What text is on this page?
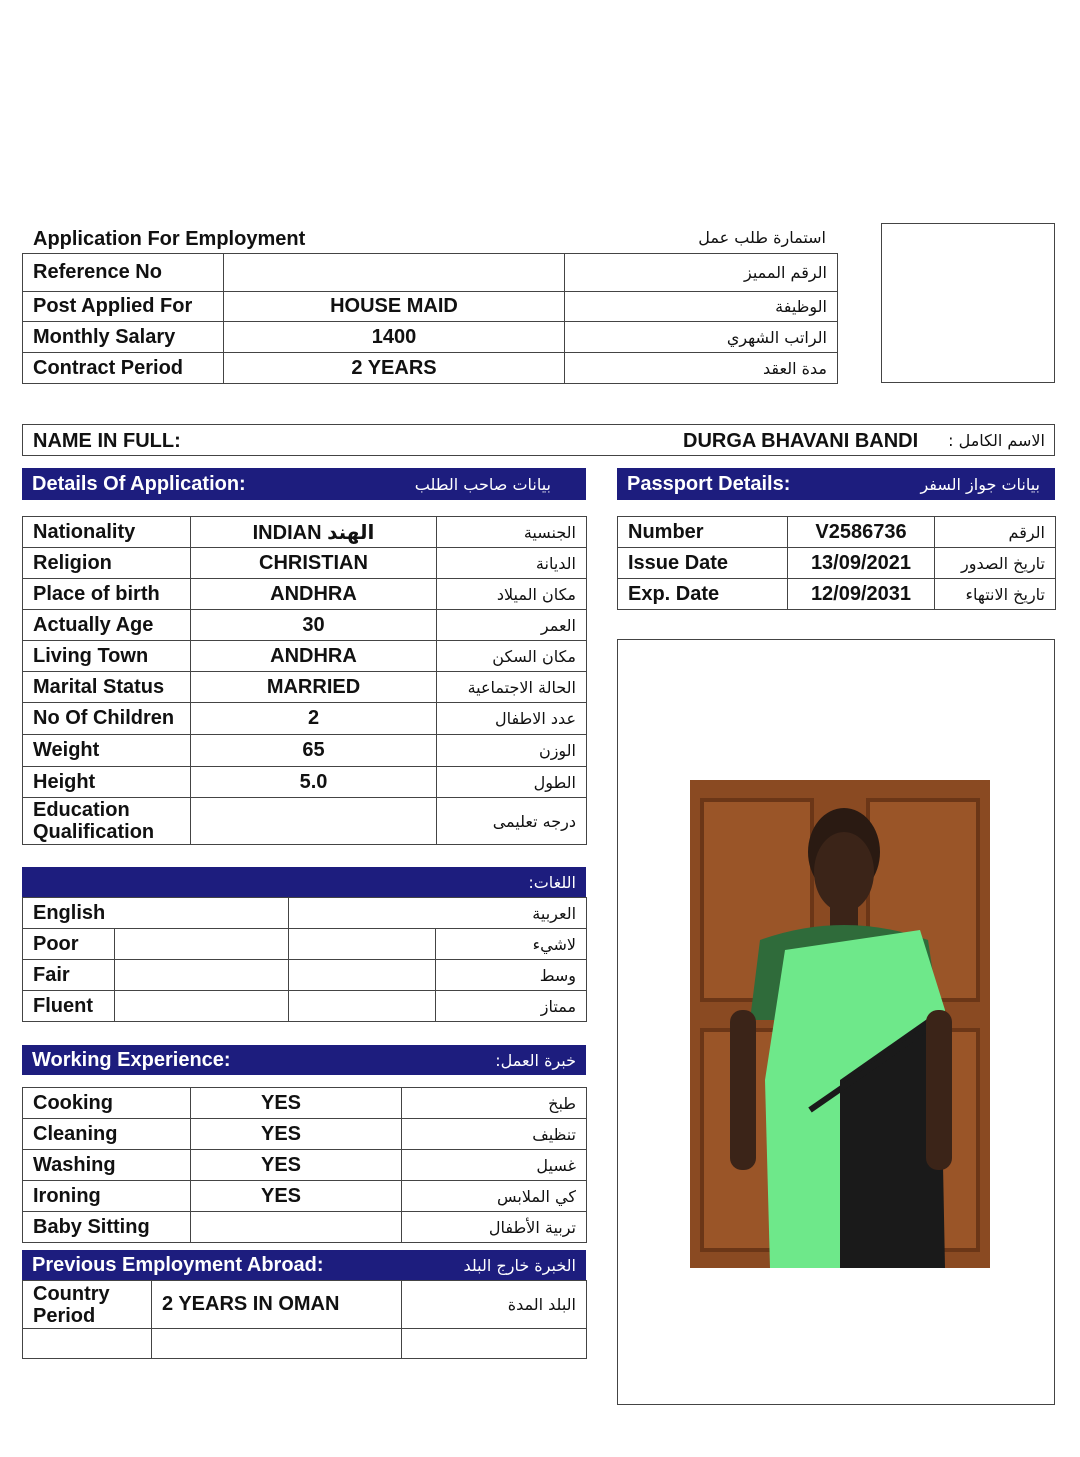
Application For Employment	استمارة طلب عمل
Reference No		الرقم المميز
Post Applied For	HOUSE MAID	الوظيفة
Monthly Salary	1400	الراتب الشهري
Contract Period	2 YEARS	مدة العقد
NAME IN FULL:	DURGA BHAVANI BANDI	الاسم الكامل :
Details Of Application:	بيانات صاحب الطلب	Passport Details:	بيانات جواز السفر
Nationality	INDIAN الهند	الجنسية
Religion	CHRISTIAN	الديانة
Place of birth	ANDHRA	مكان الميلاد
Actually Age	30	العمر
Living Town	ANDHRA	مكان السكن
Marital Status	MARRIED	الحالة الاجتماعية
No Of Children	2	عدد الاطفال
Weight	65	الوزن
Height	5.0	الطول
Education Qualification		درجه تعليمى
Number	V2586736	الرقم
Issue Date	13/09/2021	تاريخ الصدور
Exp. Date	12/09/2031	تاريخ الانتهاء
اللغات:
English		العربية	
Poor			لاشيء
Fair			وسط
Fluent			ممتاز
Working Experience:	خبرة العمل:
Cooking	YES	طبخ
Cleaning	YES	تنظيف
Washing	YES	غسيل
Ironing	YES	كي الملابس
Baby Sitting		تربية الأطفال
Previous Employment Abroad:	الخبرة خارج البلد
Country
Period	2 YEARS IN OMAN	البلد المدة
